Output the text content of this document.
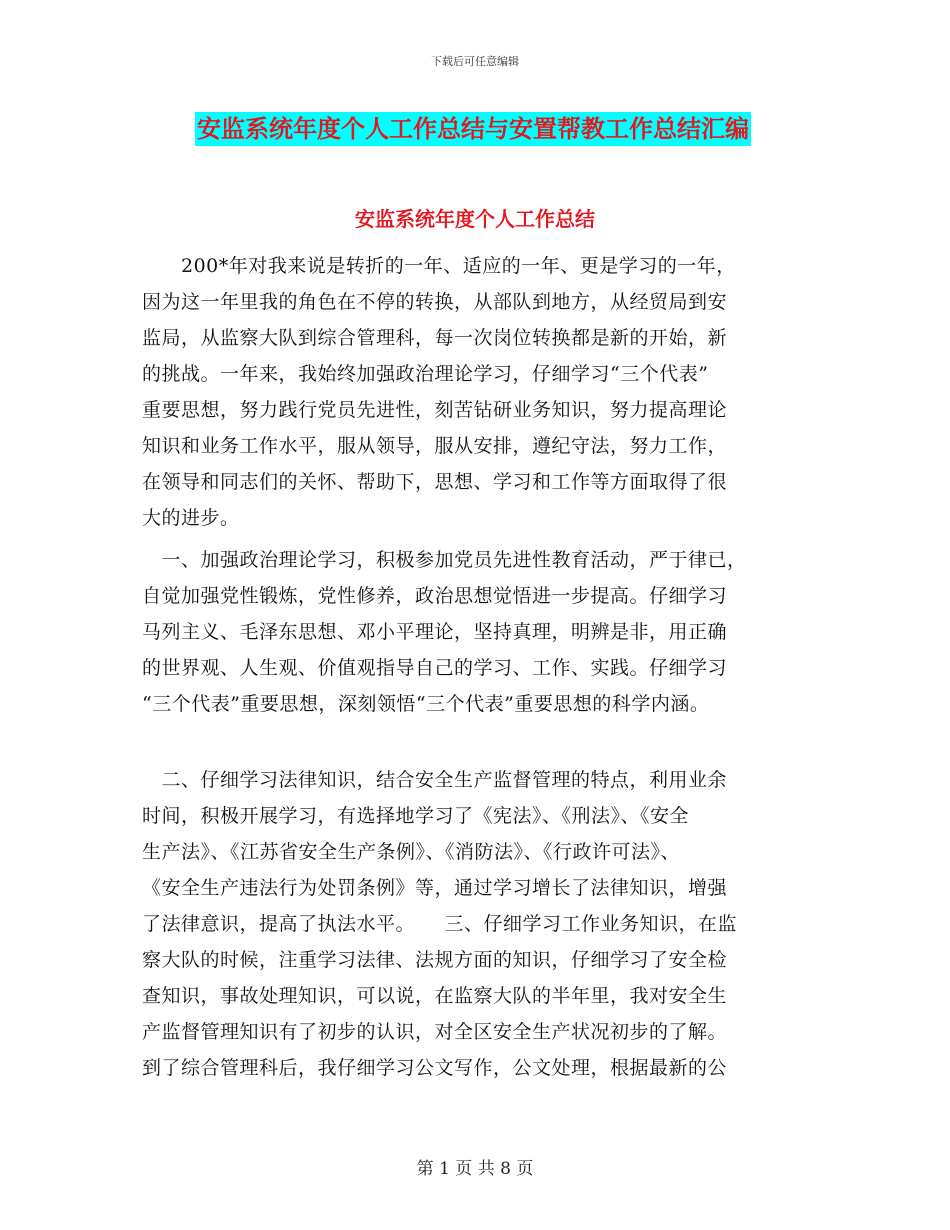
下载后可任意编辑
安监系统年度个人工作总结与安置帮教工作总结汇编
安监系统年度个人工作总结
　　200*年对我来说是转折的一年、适应的一年、更是学习的一年，
因为这一年里我的角色在不停的转换，从部队到地方，从经贸局到安
监局，从监察大队到综合管理科，每一次岗位转换都是新的开始，新
的挑战。一年来，我始终加强政治理论学习，仔细学习“三个代表”
重要思想，努力践行党员先进性，刻苦钻研业务知识，努力提高理论
知识和业务工作水平，服从领导，服从安排，遵纪守法，努力工作，
在领导和同志们的关怀、帮助下，思想、学习和工作等方面取得了很
大的进步。
　一、加强政治理论学习，积极参加党员先进性教育活动，严于律已，
自觉加强党性锻炼，党性修养，政治思想觉悟进一步提高。仔细学习
马列主义、毛泽东思想、邓小平理论，坚持真理，明辨是非，用正确
的世界观、人生观、价值观指导自己的学习、工作、实践。仔细学习
“三个代表”重要思想，深刻领悟“三个代表”重要思想的科学内涵。
　二、仔细学习法律知识，结合安全生产监督管理的特点，利用业余
时间，积极开展学习，有选择地学习了《宪法》、《刑法》、《安全
生产法》、《江苏省安全生产条例》、《消防法》、《行政许可法》、
《安全生产违法行为处罚条例》等，通过学习增长了法律知识，增强
了法律意识，提高了执法水平。　　三、仔细学习工作业务知识，在监
察大队的时候，注重学习法律、法规方面的知识，仔细学习了安全检
查知识，事故处理知识，可以说，在监察大队的半年里，我对安全生
产监督管理知识有了初步的认识，对全区安全生产状况初步的了解。
到了综合管理科后，我仔细学习公文写作，公文处理，根据最新的公
第 1 页 共 8 页
